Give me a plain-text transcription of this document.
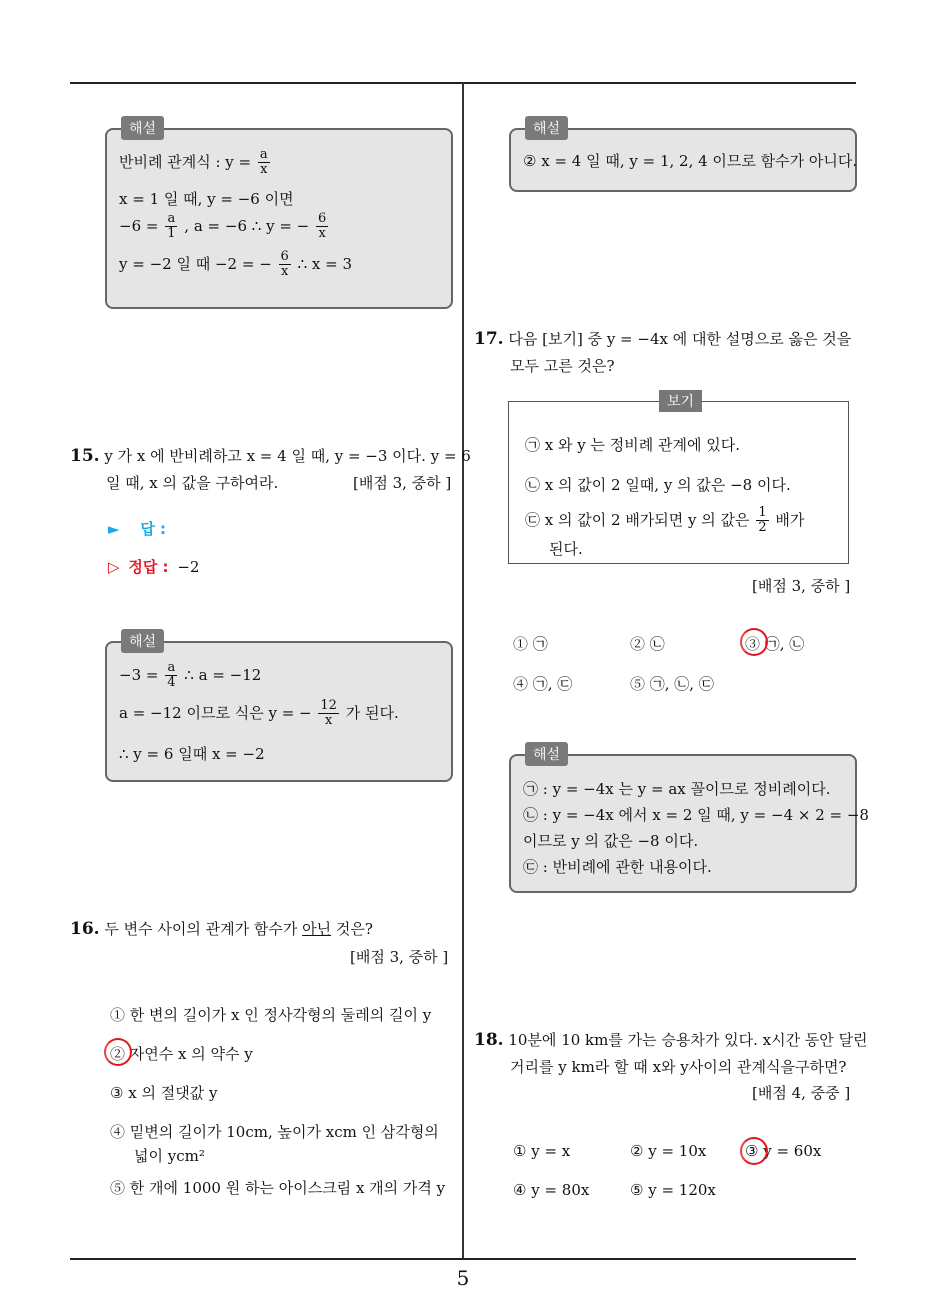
해설
반비례 관계식 : $y = \frac{a}{x}$
x = 1 일 때, y = −6 이면
$-6 = \frac{a}{1}$ , a = −6 ∴ y = − $\frac{6}{x}$
y = −2 일 때 −2 = − $\frac{6}{x}$ ∴ x = 3
15. y 가 x 에 반비례하고 x = 4 일 때, y = −3 이다. y = 6
일 때, x 의 값을 구하여라.	[배점 3, 중하 ]
► 답 :
▷ 정답 : −2
해설
$-3 = \frac{a}{4}$ ∴ a = −12
a = −12 이므로 식은 y = − $\frac{12}{x}$ 가 된다.
∴ y = 6 일때 x = −2
16. 두 변수 사이의 관계가 함수가 아닌 것은?
[배점 3, 중하 ]
① 한 변의 길이가 x 인 정사각형의 둘레의 길이 y
② 자연수 x 의 약수 y
③ x 의 절댓값 y
④ 밑변의 길이가 10cm, 높이가 xcm 인 삼각형의
넓이 ycm²
⑤ 한 개에 1000 원 하는 아이스크림 x 개의 가격 y
해설
② x = 4 일 때, y = 1, 2, 4 이므로 함수가 아니다.
17. 다음 [보기] 중 y = −4x 에 대한 설명으로 옳은 것을
모두 고른 것은?
보기
㉠ x 와 y 는 정비례 관계에 있다.
㉡ x 의 값이 2 일때, y 의 값은 −8 이다.
㉢ x 의 값이 2 배가되면 y 의 값은 $\frac{1}{2}$ 배가
된다.
[배점 3, 중하 ]
① ㉠	② ㉡	③ ㉠, ㉡
④ ㉠, ㉢	⑤ ㉠, ㉡, ㉢
해설
㉠ : y = −4x 는 y = ax 꼴이므로 정비례이다.
㉡ : y = −4x 에서 x = 2 일 때, y = −4 × 2 = −8
이므로 y 의 값은 −8 이다.
㉢ : 반비례에 관한 내용이다.
18. 10분에 10 km를 가는 승용차가 있다. x시간 동안 달린
거리를 y km라 할 때 x와 y사이의 관계식을구하면?
[배점 4, 중중 ]
① y = x	② y = 10x	③ y = 60x
④ y = 80x	⑤ y = 120x
5
